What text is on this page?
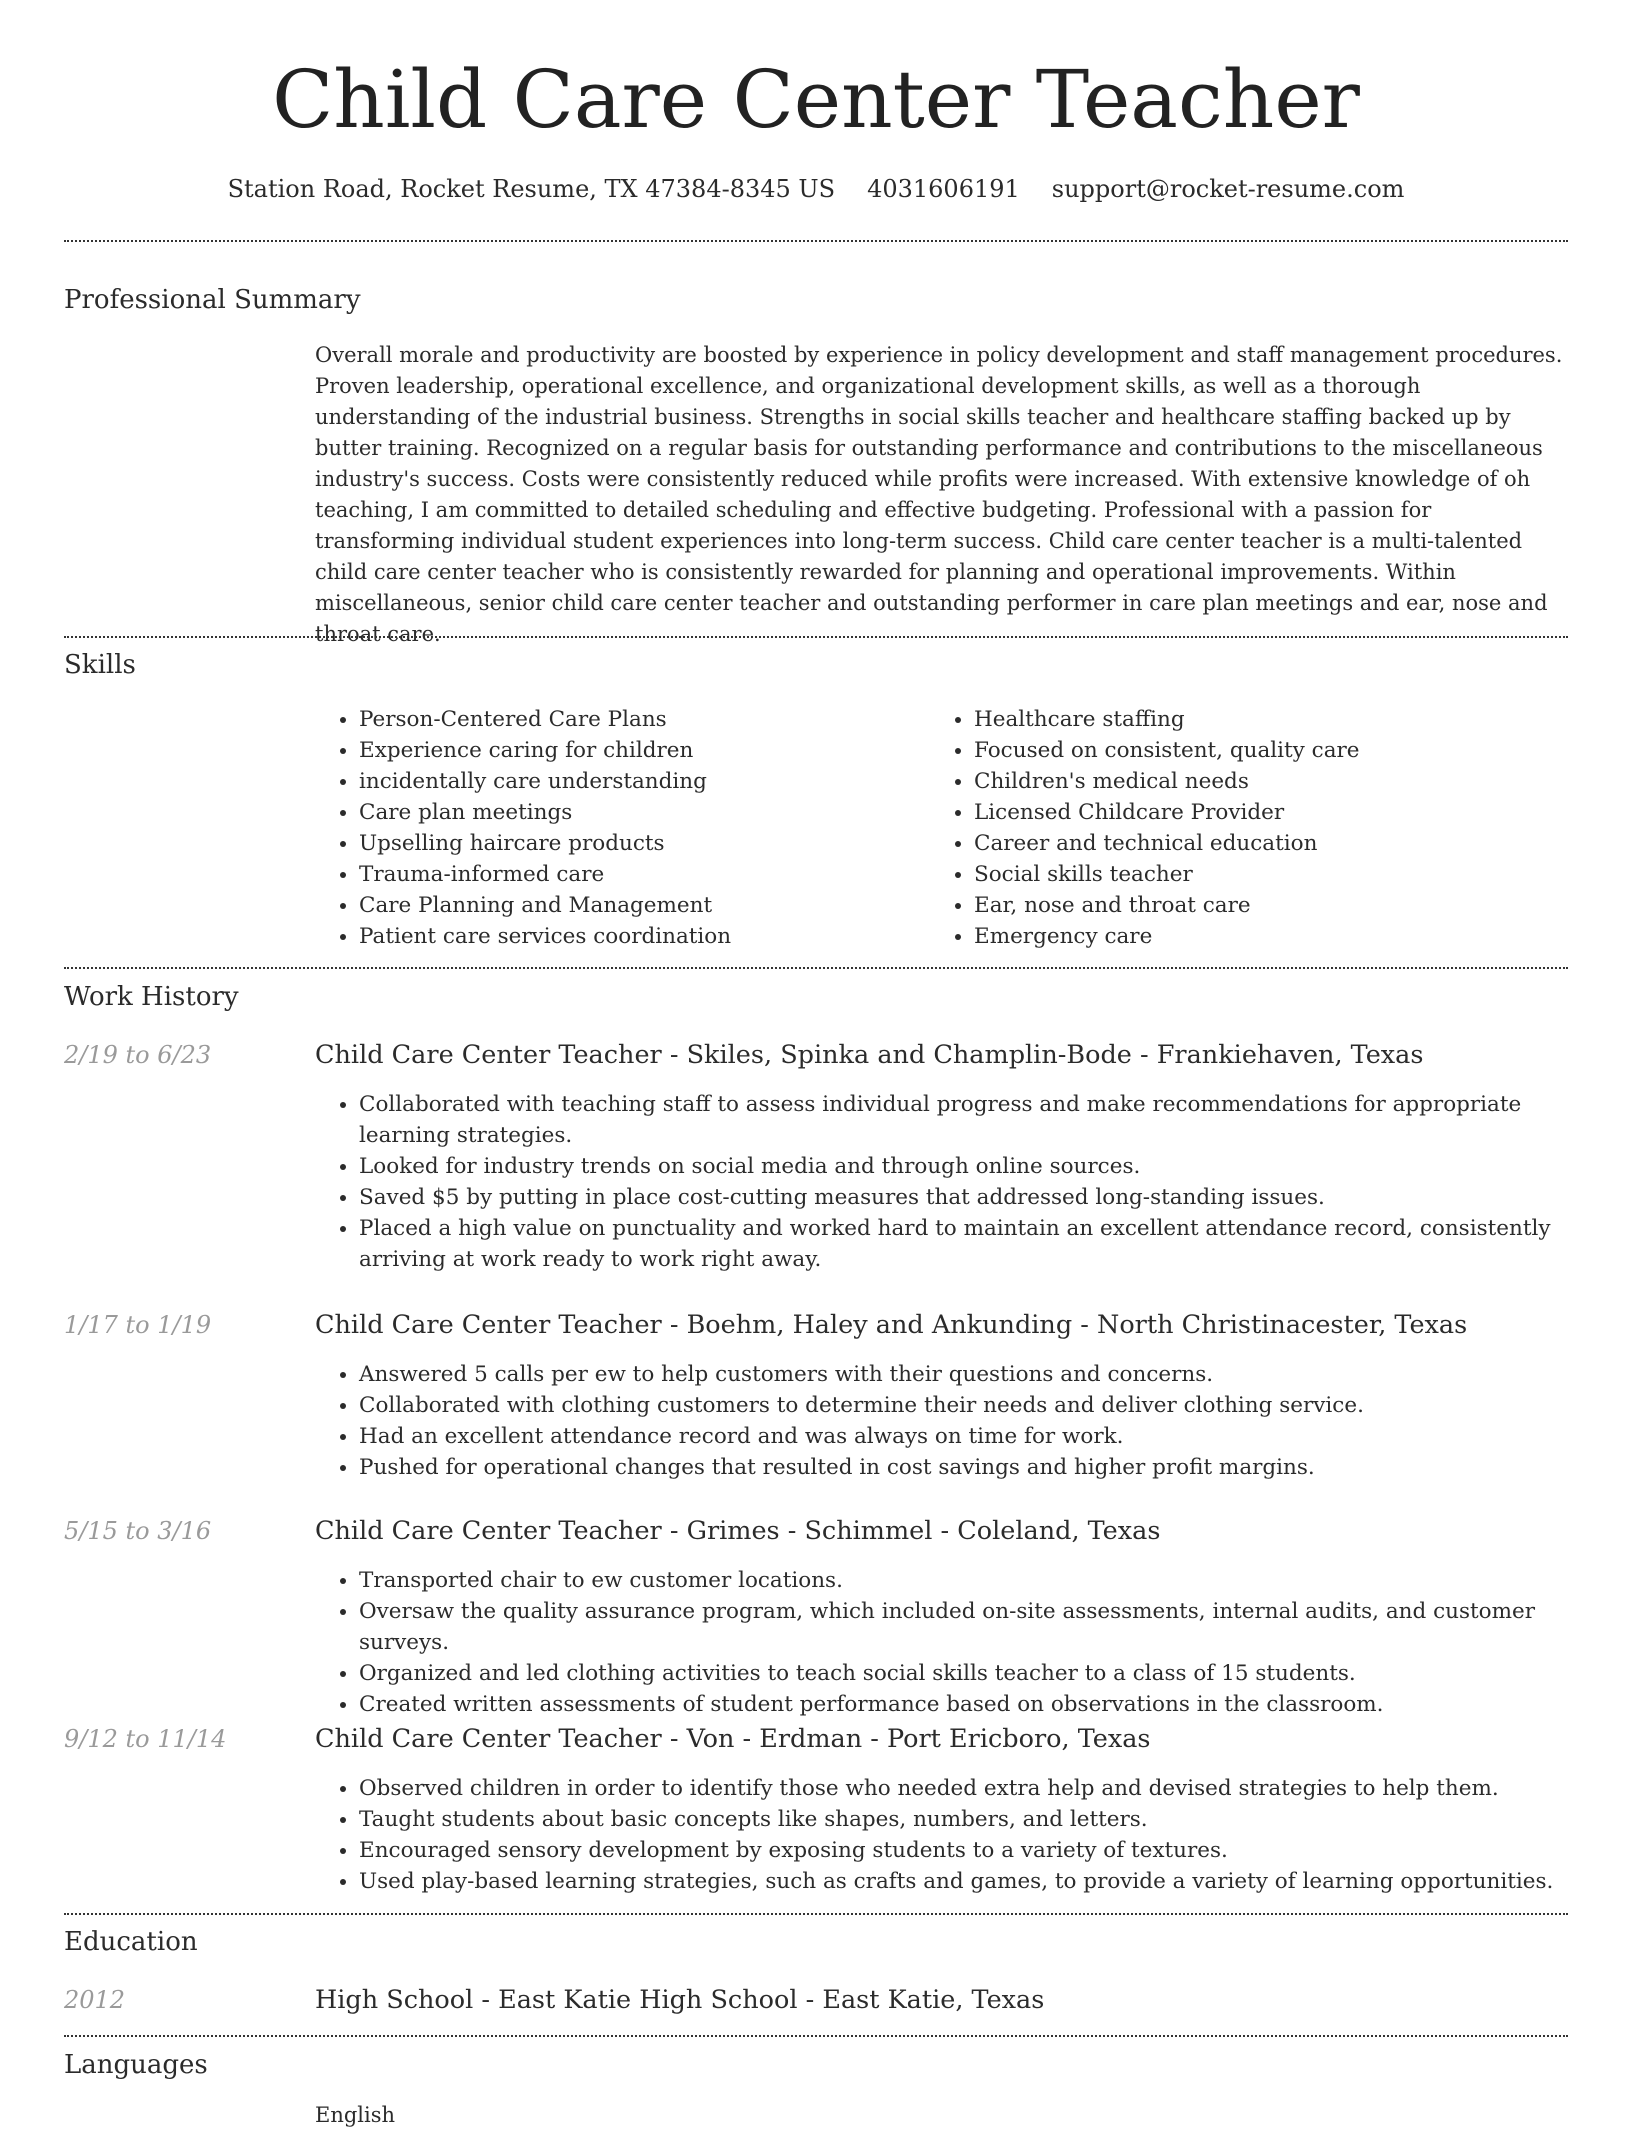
Child Care Center Teacher
Station Road, Rocket Resume, TX 47384-8345 US 4031606191 support@rocket-resume.com
Professional Summary

Overall morale and productivity are boosted by experience in policy development and staff management procedures. Proven leadership, operational excellence, and organizational development skills, as well as a thorough understanding of the industrial business. Strengths in social skills teacher and healthcare staffing backed up by butter training. Recognized on a regular basis for outstanding performance and contributions to the miscellaneous industry's success. Costs were consistently reduced while profits were increased. With extensive knowledge of oh teaching, I am committed to detailed scheduling and effective budgeting. Professional with a passion for transforming individual student experiences into long-term success. Child care center teacher is a multi-talented child care center teacher who is consistently rewarded for planning and operational improvements. Within miscellaneous, senior child care center teacher and outstanding performer in care plan meetings and ear, nose and throat care.

Skills
• Person-Centered Care Plans
• Experience caring for children
• incidentally care understanding
• Care plan meetings
• Upselling haircare products
• Trauma-informed care
• Care Planning and Management
• Patient care services coordination
• Healthcare staffing
• Focused on consistent, quality care
• Children's medical needs
• Licensed Childcare Provider
• Career and technical education
• Social skills teacher
• Ear, nose and throat care
• Emergency care
Work History
2/19 to 6/23	Child Care Center Teacher - Skiles, Spinka and Champlin-Bode - Frankiehaven, Texas
• Collaborated with teaching staff to assess individual progress and make recommendations for appropriate learning strategies.
• Looked for industry trends on social media and through online sources.
• Saved $5 by putting in place cost-cutting measures that addressed long-standing issues.
• Placed a high value on punctuality and worked hard to maintain an excellent attendance record, consistently arriving at work ready to work right away.
1/17 to 1/19	Child Care Center Teacher - Boehm, Haley and Ankunding - North Christinacester, Texas
• Answered 5 calls per ew to help customers with their questions and concerns.
• Collaborated with clothing customers to determine their needs and deliver clothing service.
• Had an excellent attendance record and was always on time for work.
• Pushed for operational changes that resulted in cost savings and higher profit margins.
5/15 to 3/16	Child Care Center Teacher - Grimes - Schimmel - Coleland, Texas
• Transported chair to ew customer locations.
• Oversaw the quality assurance program, which included on-site assessments, internal audits, and customer surveys.
• Organized and led clothing activities to teach social skills teacher to a class of 15 students.
• Created written assessments of student performance based on observations in the classroom.
9/12 to 11/14	Child Care Center Teacher - Von - Erdman - Port Ericboro, Texas
• Observed children in order to identify those who needed extra help and devised strategies to help them.
• Taught students about basic concepts like shapes, numbers, and letters.
• Encouraged sensory development by exposing students to a variety of textures.
• Used play-based learning strategies, such as crafts and games, to provide a variety of learning opportunities.
Education
2012	High School - East Katie High School - East Katie, Texas
Languages
English
